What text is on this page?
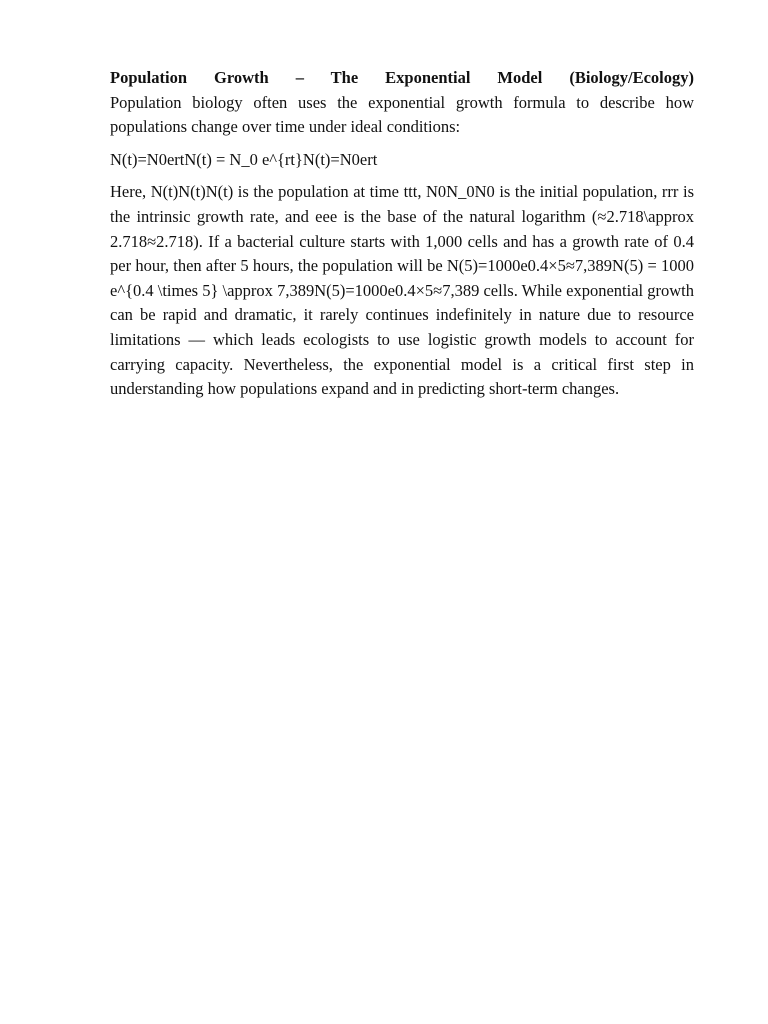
Population Growth – The Exponential Model (Biology/Ecology)
Population biology often uses the exponential growth formula to describe how populations change over time under ideal conditions:

N(t)=N0ertN(t) = N_0 e^{rt}N(t)=N0ert

Here, N(t)N(t)N(t) is the population at time ttt, N0N_0N0 is the initial population, rrr is the intrinsic growth rate, and eee is the base of the natural logarithm (≈2.718\approx 2.718≈2.718). If a bacterial culture starts with 1,000 cells and has a growth rate of 0.4 per hour, then after 5 hours, the population will be N(5)=1000e0.4×5≈7,389N(5) = 1000 e^{0.4 \times 5} \approx 7,389N(5)=1000e0.4×5≈7,389 cells. While exponential growth can be rapid and dramatic, it rarely continues indefinitely in nature due to resource limitations — which leads ecologists to use logistic growth models to account for carrying capacity. Nevertheless, the exponential model is a critical first step in understanding how populations expand and in predicting short-term changes.
